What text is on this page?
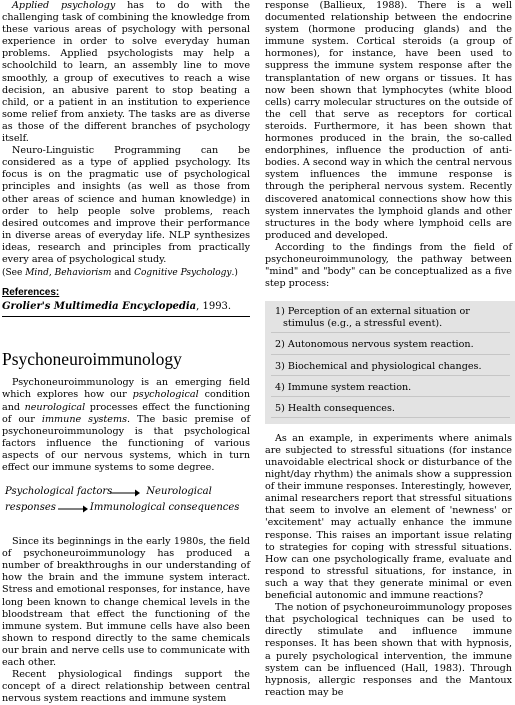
Applied psychology has to do with the challenging task of combining the knowledge from these various areas of psychology with personal experience in order to solve everyday human problems. Applied psychologists may help a schoolchild to learn, an assembly line to move smoothly, a group of executives to reach a wise decision, an abusive parent to stop beating a child, or a patient in an institution to experience some relief from anxiety. The tasks are as diverse as those of the different branches of psychology itself.

Neuro-Linguistic Programming can be considered as a type of applied psychology. Its focus is on the pragmatic use of psychological principles and insights (as well as those from other areas of science and human knowledge) in order to help people solve problems, reach desired outcomes and improve their performance in diverse areas of everyday life. NLP synthesizes ideas, research and principles from practically every area of psychological study.

(See Mind, Behaviorism and Cognitive Psychology.)

References:
Grolier's Multimedia Encyclopedia, 1993.
Psychoneuroimmunology

Psychoneuroimmunology is an emerging field which explores how our psychological condition and neurological processes effect the functioning of our immune systems. The basic premise of psychoneuroimmunology is that psychological factors influence the functioning of various aspects of our nervous systems, which in turn effect our immune systems to some degree.

Psychological factors	Neurological
responses	Immunological consequences

Since its beginnings in the early 1980s, the field of psychoneuroimmunology has produced a number of breakthroughs in our understanding of how the brain and the immune system interact. Stress and emotional responses, for instance, have long been known to change chemical levels in the bloodstream that effect the functioning of the immune system. But immune cells have also been shown to respond directly to the same chemicals our brain and nerve cells use to communicate with each other.

Recent physiological findings support the concept of a direct relationship between central nervous system reactions and immune system

response (Ballieux, 1988). There is a well documented relationship between the endocrine system (hormone producing glands) and the immune system. Cortical steroids (a group of hormones), for instance, have been used to suppress the immune system response after the transplantation of new organs or tissues. It has now been shown that lymphocytes (white blood cells) carry molecular structures on the outside of the cell that serve as receptors for cortical steroids. Furthermore, it has been shown that hormones produced in the brain, the so-called endorphines, influence the production of anti-bodies. A second way in which the central nervous system influences the immune response is through the peripheral nervous system. Recently discovered anatomical connections show how this system innervates the lymphoid glands and other structures in the body where lymphoid cells are produced and developed.

According to the findings from the field of psychoneuroimmunology, the pathway between "mind" and "body" can be conceptualized as a five step process:

1) Perception of an external situation or stimulus (e.g., a stressful event).
2) Autonomous nervous system reaction.
3) Biochemical and physiological changes.
4) Immune system reaction.
5) Health consequences.

As an example, in experiments where animals are subjected to stressful situations (for instance unavoidable electrical shock or disturbance of the night/day rhythm) the animals show a suppression of their immune responses. Interestingly, however, animal researchers report that stressful situations that seem to involve an element of 'newness' or 'excitement' may actually enhance the immune response. This raises an important issue relating to strategies for coping with stressful situations. How can one psychologically frame, evaluate and respond to stressful situations, for instance, in such a way that they generate minimal or even beneficial autonomic and immune reactions?

The notion of psychoneuroimmunology proposes that psychological techniques can be used to directly stimulate and influence immune responses. It has been shown that with hypnosis, a purely psychological intervention, the immune system can be influenced (Hall, 1983). Through hypnosis, allergic responses and the Mantoux reaction may be
